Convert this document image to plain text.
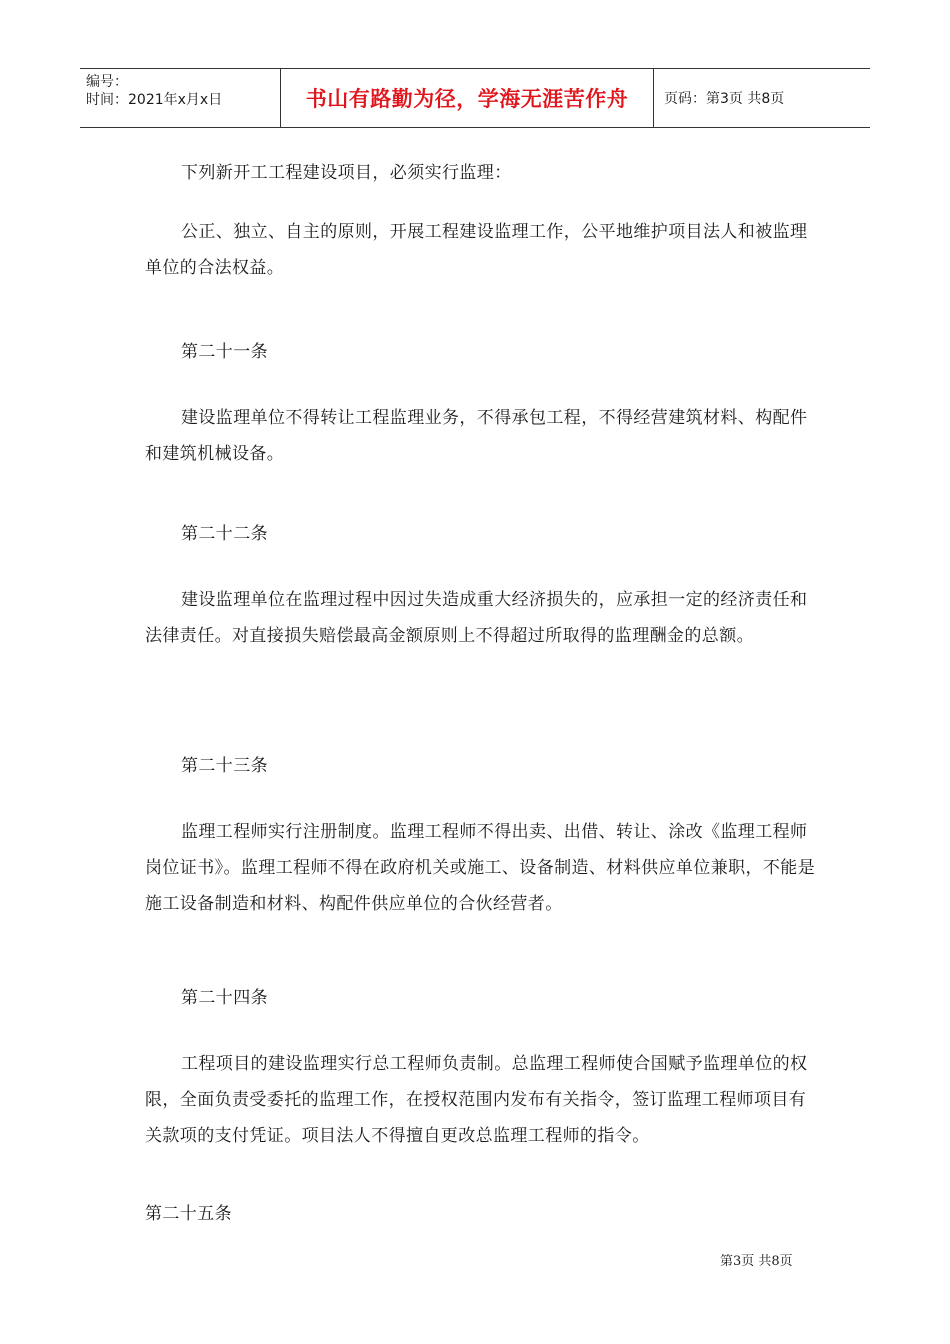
编号：
时间：2021年x月x日	书山有路勤为径，学海无涯苦作舟	页码：第3页 共8页
下列新开工工程建设项目，必须实行监理：
公正、独立、自主的原则，开展工程建设监理工作，公平地维护项目法人和被监理单位的合法权益。
第二十一条
建设监理单位不得转让工程监理业务，不得承包工程，不得经营建筑材料、构配件和建筑机械设备。
第二十二条
建设监理单位在监理过程中因过失造成重大经济损失的，应承担一定的经济责任和法律责任。对直接损失赔偿最高金额原则上不得超过所取得的监理酬金的总额。
第二十三条
监理工程师实行注册制度。监理工程师不得出卖、出借、转让、涂改《监理工程师岗位证书》。监理工程师不得在政府机关或施工、设备制造、材料供应单位兼职，不能是施工设备制造和材料、构配件供应单位的合伙经营者。
第二十四条
工程项目的建设监理实行总工程师负责制。总监理工程师使合国赋予监理单位的权限，全面负责受委托的监理工作，在授权范围内发布有关指令，签订监理工程师项目有关款项的支付凭证。项目法人不得擅自更改总监理工程师的指令。
第二十五条
第3页 共8页
